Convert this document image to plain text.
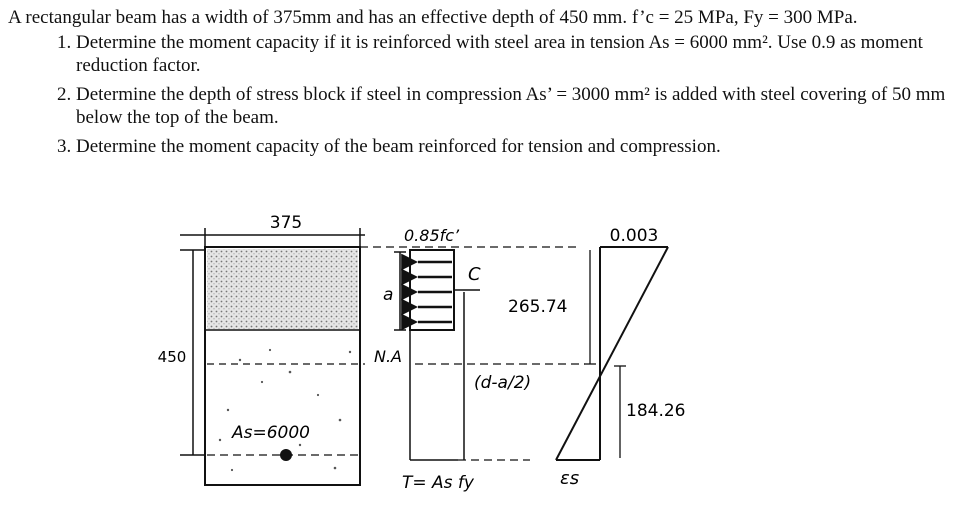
A rectangular beam has a width of 375mm and has an effective depth of 450 mm. f’c = 25 MPa, Fy = 300 MPa.

1. Determine the moment capacity if it is reinforced with steel area in tension As = 6000 mm². Use 0.9 as moment reduction factor.
2. Determine the depth of stress block if steel in compression As’ = 3000 mm² is added with steel covering of 50 mm below the top of the beam.
3. Determine the moment capacity of the beam reinforced for tension and compression.
375
450
As=6000
0.85fc’
a
C
N.A
(d-a/2)
T= As fy
0.003
265.74
184.26
εs
